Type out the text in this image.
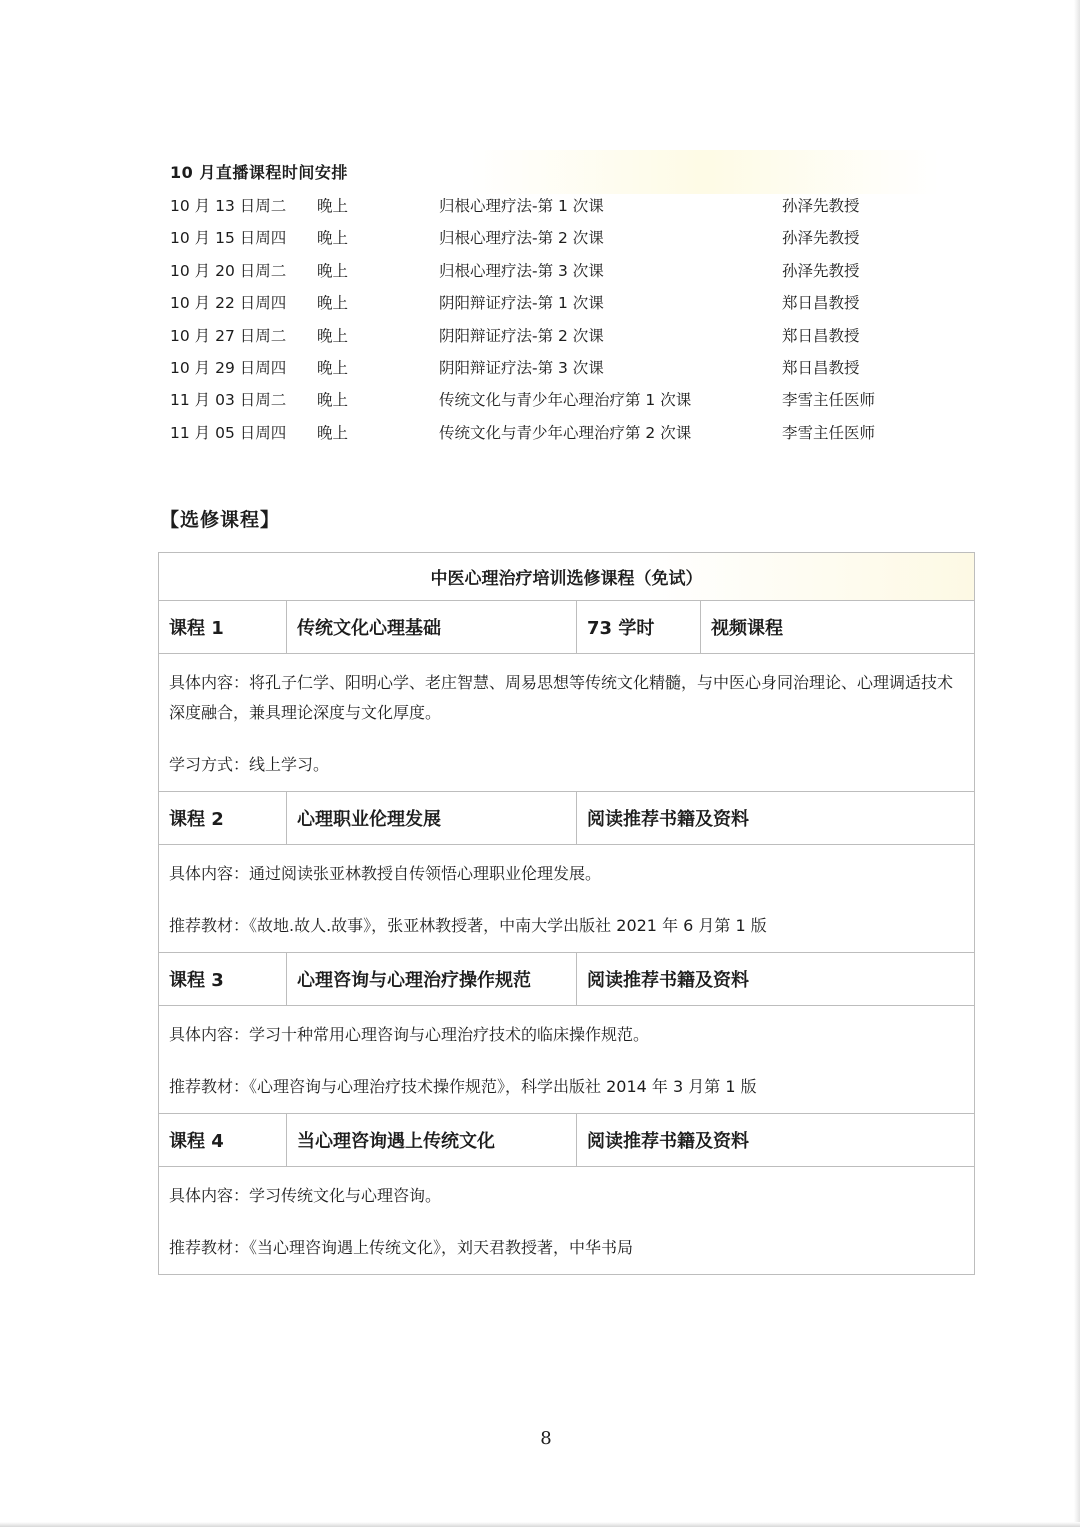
10 月直播课程时间安排
10 月 13 日周二 晚上	归根心理疗法-第 1 次课	孙泽先教授
10 月 15 日周四 晚上	归根心理疗法-第 2 次课	孙泽先教授
10 月 20 日周二 晚上	归根心理疗法-第 3 次课	孙泽先教授
10 月 22 日周四 晚上	阴阳辩证疗法-第 1 次课	郑日昌教授
10 月 27 日周二 晚上	阴阳辩证疗法-第 2 次课	郑日昌教授
10 月 29 日周四 晚上	阴阳辩证疗法-第 3 次课	郑日昌教授
11 月 03 日周二 晚上	传统文化与青少年心理治疗第 1 次课	李雪主任医师
11 月 05 日周四 晚上	传统文化与青少年心理治疗第 2 次课	李雪主任医师
【选修课程】
中医心理治疗培训选修课程（免试）
课程 1	传统文化心理基础	73 学时	视频课程

具体内容：将孔子仁学、阳明心学、老庄智慧、周易思想等传统文化精髓，与中医心身同治理论、心理调适技术深度融合，兼具理论深度与文化厚度。

学习方式：线上学习。

课程 2	心理职业伦理发展	阅读推荐书籍及资料

具体内容：通过阅读张亚林教授自传领悟心理职业伦理发展。

推荐教材：《故地.故人.故事》，张亚林教授著，中南大学出版社 2021 年 6 月第 1 版

课程 3	心理咨询与心理治疗操作规范	阅读推荐书籍及资料

具体内容：学习十种常用心理咨询与心理治疗技术的临床操作规范。

推荐教材：《心理咨询与心理治疗技术操作规范》，科学出版社 2014 年 3 月第 1 版

课程 4	当心理咨询遇上传统文化	阅读推荐书籍及资料

具体内容：学习传统文化与心理咨询。

推荐教材：《当心理咨询遇上传统文化》，刘天君教授著，中华书局

8
